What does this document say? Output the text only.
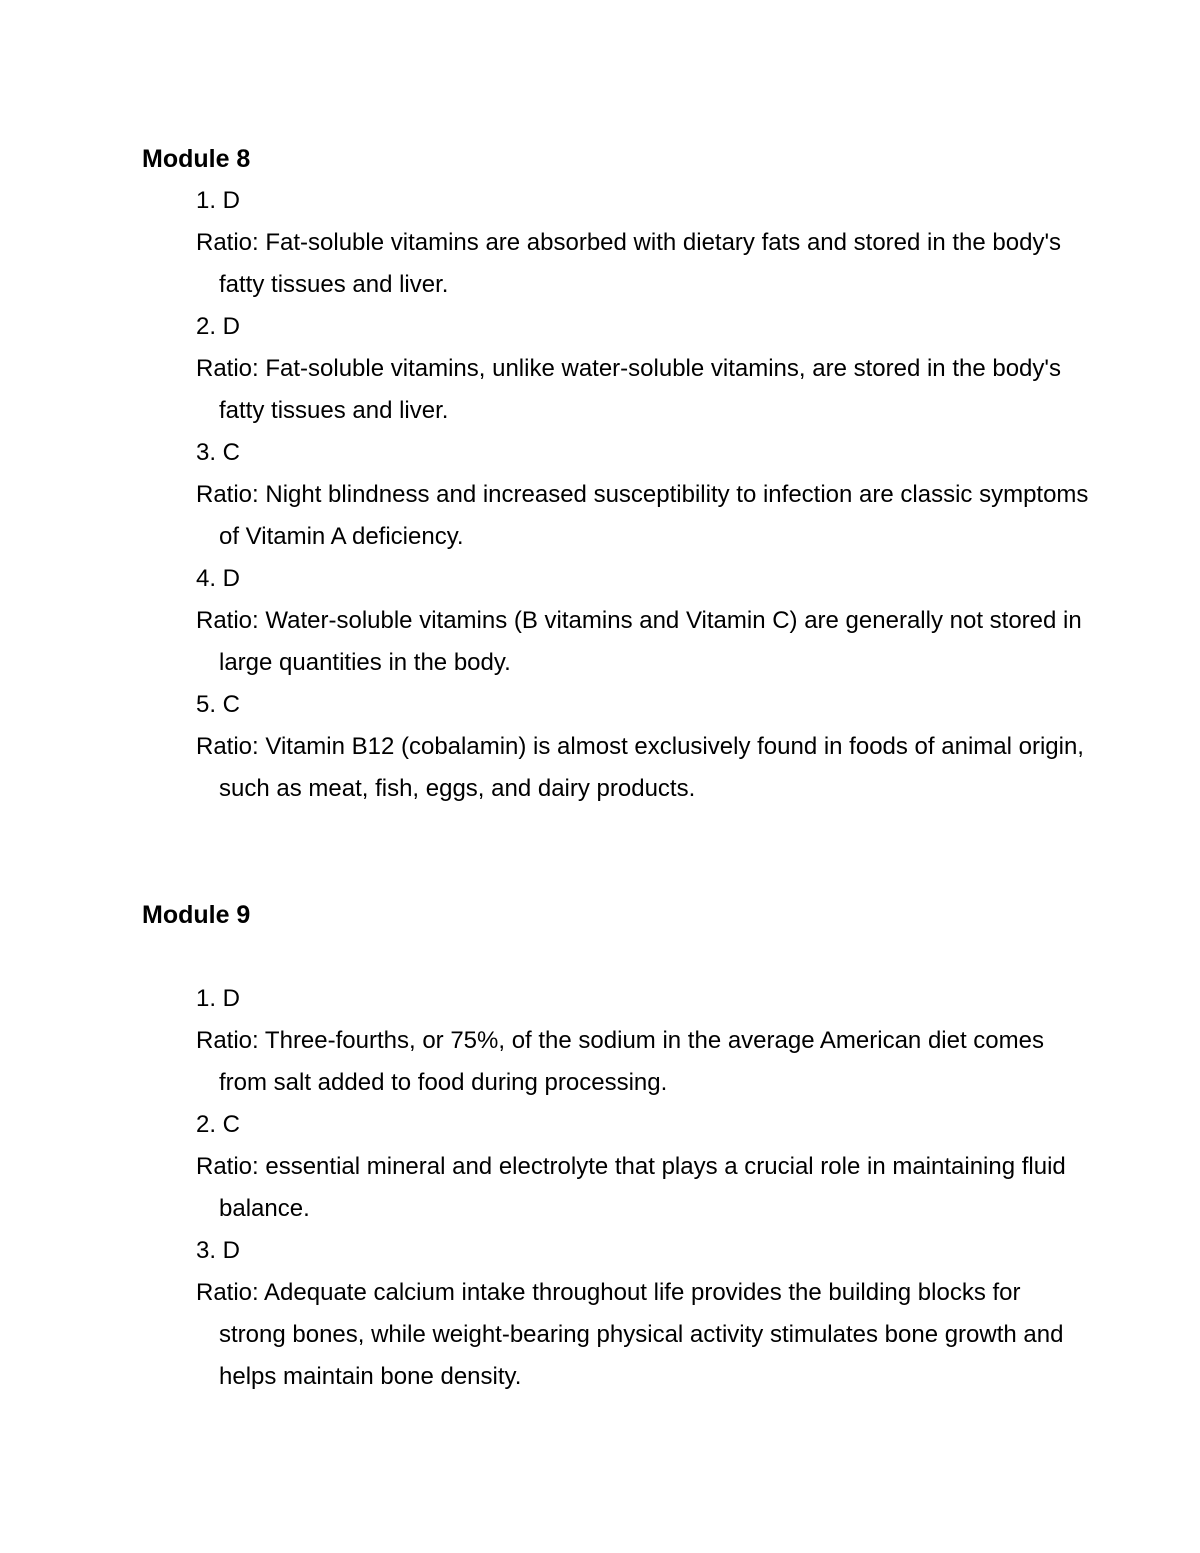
Module 8

1. D

Ratio: Fat-soluble vitamins are absorbed with dietary fats and stored in the body's fatty tissues and liver.

2. D

Ratio: Fat-soluble vitamins, unlike water-soluble vitamins, are stored in the body's fatty tissues and liver.

3. C

Ratio: Night blindness and increased susceptibility to infection are classic symptoms of Vitamin A deficiency.

4. D

Ratio: Water-soluble vitamins (B vitamins and Vitamin C) are generally not stored in large quantities in the body.

5. C

Ratio: Vitamin B12 (cobalamin) is almost exclusively found in foods of animal origin, such as meat, fish, eggs, and dairy products.

Module 9

1. D

Ratio: Three-fourths, or 75%, of the sodium in the average American diet comes from salt added to food during processing.

2. C

Ratio: essential mineral and electrolyte that plays a crucial role in maintaining fluid balance.

3. D

Ratio: Adequate calcium intake throughout life provides the building blocks for strong bones, while weight-bearing physical activity stimulates bone growth and helps maintain bone density.
